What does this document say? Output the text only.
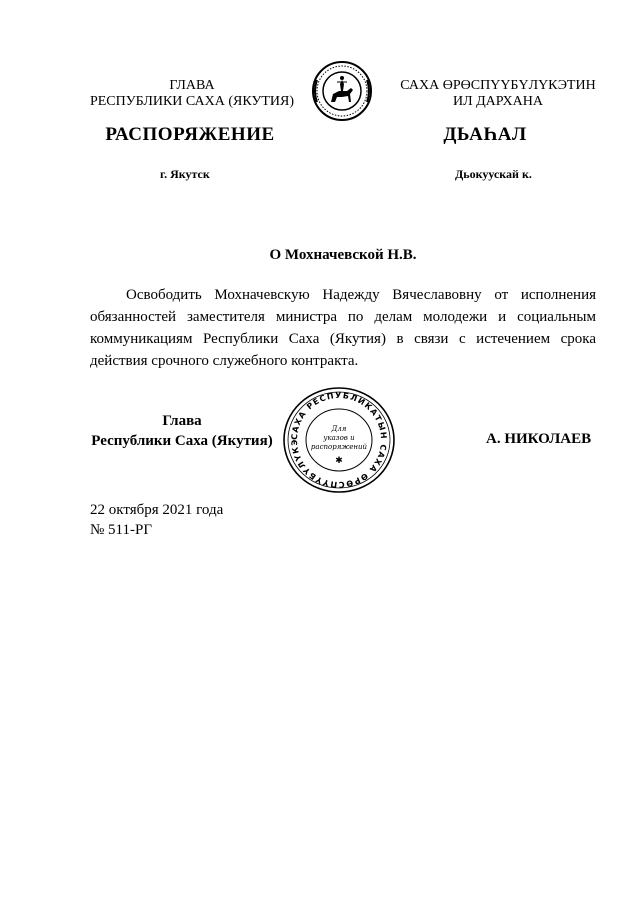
ГЛАВА
РЕСПУБЛИКИ САХА (ЯКУТИЯ)
САХА ӨРӨСПҮҮБҮЛҮКЭТИН
ИЛ ДАРХАНА
РАСПОРЯЖЕНИЕ	ДЬАҺАЛ
г. Якутск	Дьокуускай к.
О Мохначевской Н.В.
Освободить Мохначевскую Надежду Вячеславовну от исполнения обязанностей заместителя министра по делам молодежи и социальным коммуникациям Республики Саха (Якутия) в связи с истечением срока действия срочного служебного контракта.
Глава
Республики Саха (Якутия)	САХА РЕСПУБЛИКАТЫН САХА ӨРӨСПҮҮБҮЛҮКЭ
Для
указов и
распоряжений
✱
А. НИКОЛАЕВ
22 октября 2021 года
№ 511-РГ
